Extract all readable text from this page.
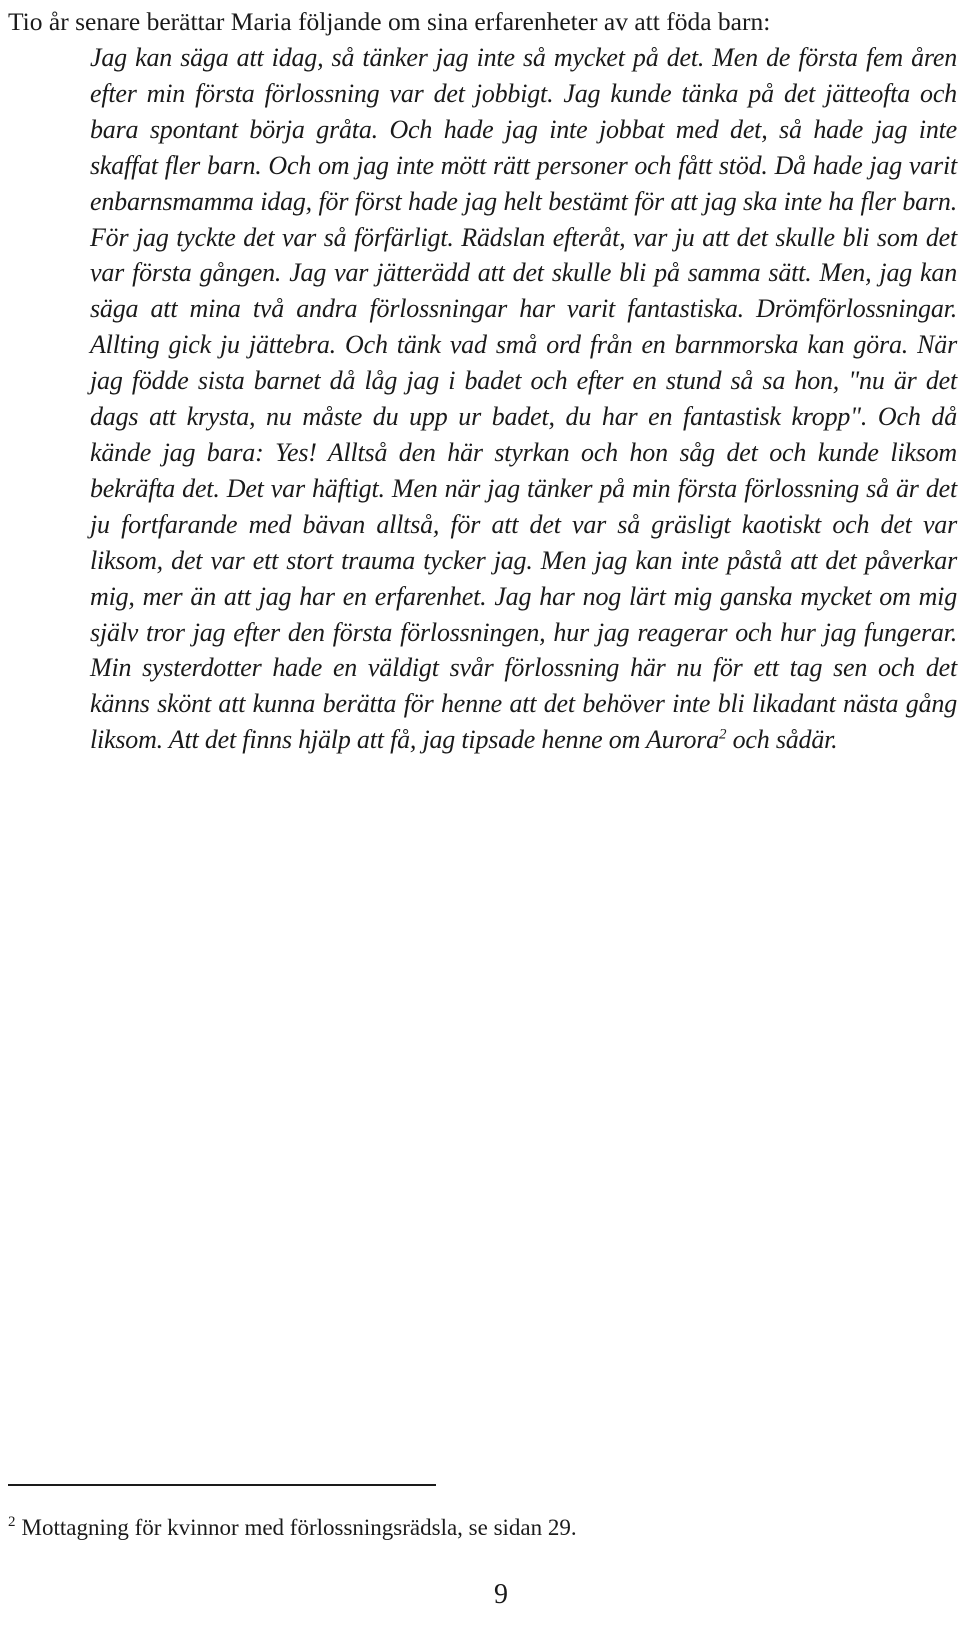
Tio år senare berättar Maria följande om sina erfarenheter av att föda barn:

Jag kan säga att idag, så tänker jag inte så mycket på det. Men de första fem åren efter min första förlossning var det jobbigt. Jag kunde tänka på det jätteofta och bara spontant börja gråta. Och hade jag inte jobbat med det, så hade jag inte skaffat fler barn. Och om jag inte mött rätt personer och fått stöd. Då hade jag varit enbarnsmamma idag, för först hade jag helt bestämt för att jag ska inte ha fler barn. För jag tyckte det var så förfärligt. Rädslan efteråt, var ju att det skulle bli som det var första gången. Jag var jätterädd att det skulle bli på samma sätt. Men, jag kan säga att mina två andra förlossningar har varit fantastiska. Drömförlossningar. Allting gick ju jättebra. Och tänk vad små ord från en barnmorska kan göra. När jag födde sista barnet då låg jag i badet och efter en stund så sa hon, "nu är det dags att krysta, nu måste du upp ur badet, du har en fantastisk kropp". Och då kände jag bara: Yes! Alltså den här styrkan och hon såg det och kunde liksom bekräfta det. Det var häftigt. Men när jag tänker på min första förlossning så är det ju fortfarande med bävan alltså, för att det var så gräsligt kaotiskt och det var liksom, det var ett stort trauma tycker jag. Men jag kan inte påstå att det påverkar mig, mer än att jag har en erfarenhet. Jag har nog lärt mig ganska mycket om mig själv tror jag efter den första förlossningen, hur jag reagerar och hur jag fungerar. Min systerdotter hade en väldigt svår förlossning här nu för ett tag sen och det känns skönt att kunna berätta för henne att det behöver inte bli likadant nästa gång liksom. Att det finns hjälp att få, jag tipsade henne om Aurora$^2$ och sådär.

$^2$ Mottagning för kvinnor med förlossningsrädsla, se sidan 29.

9
